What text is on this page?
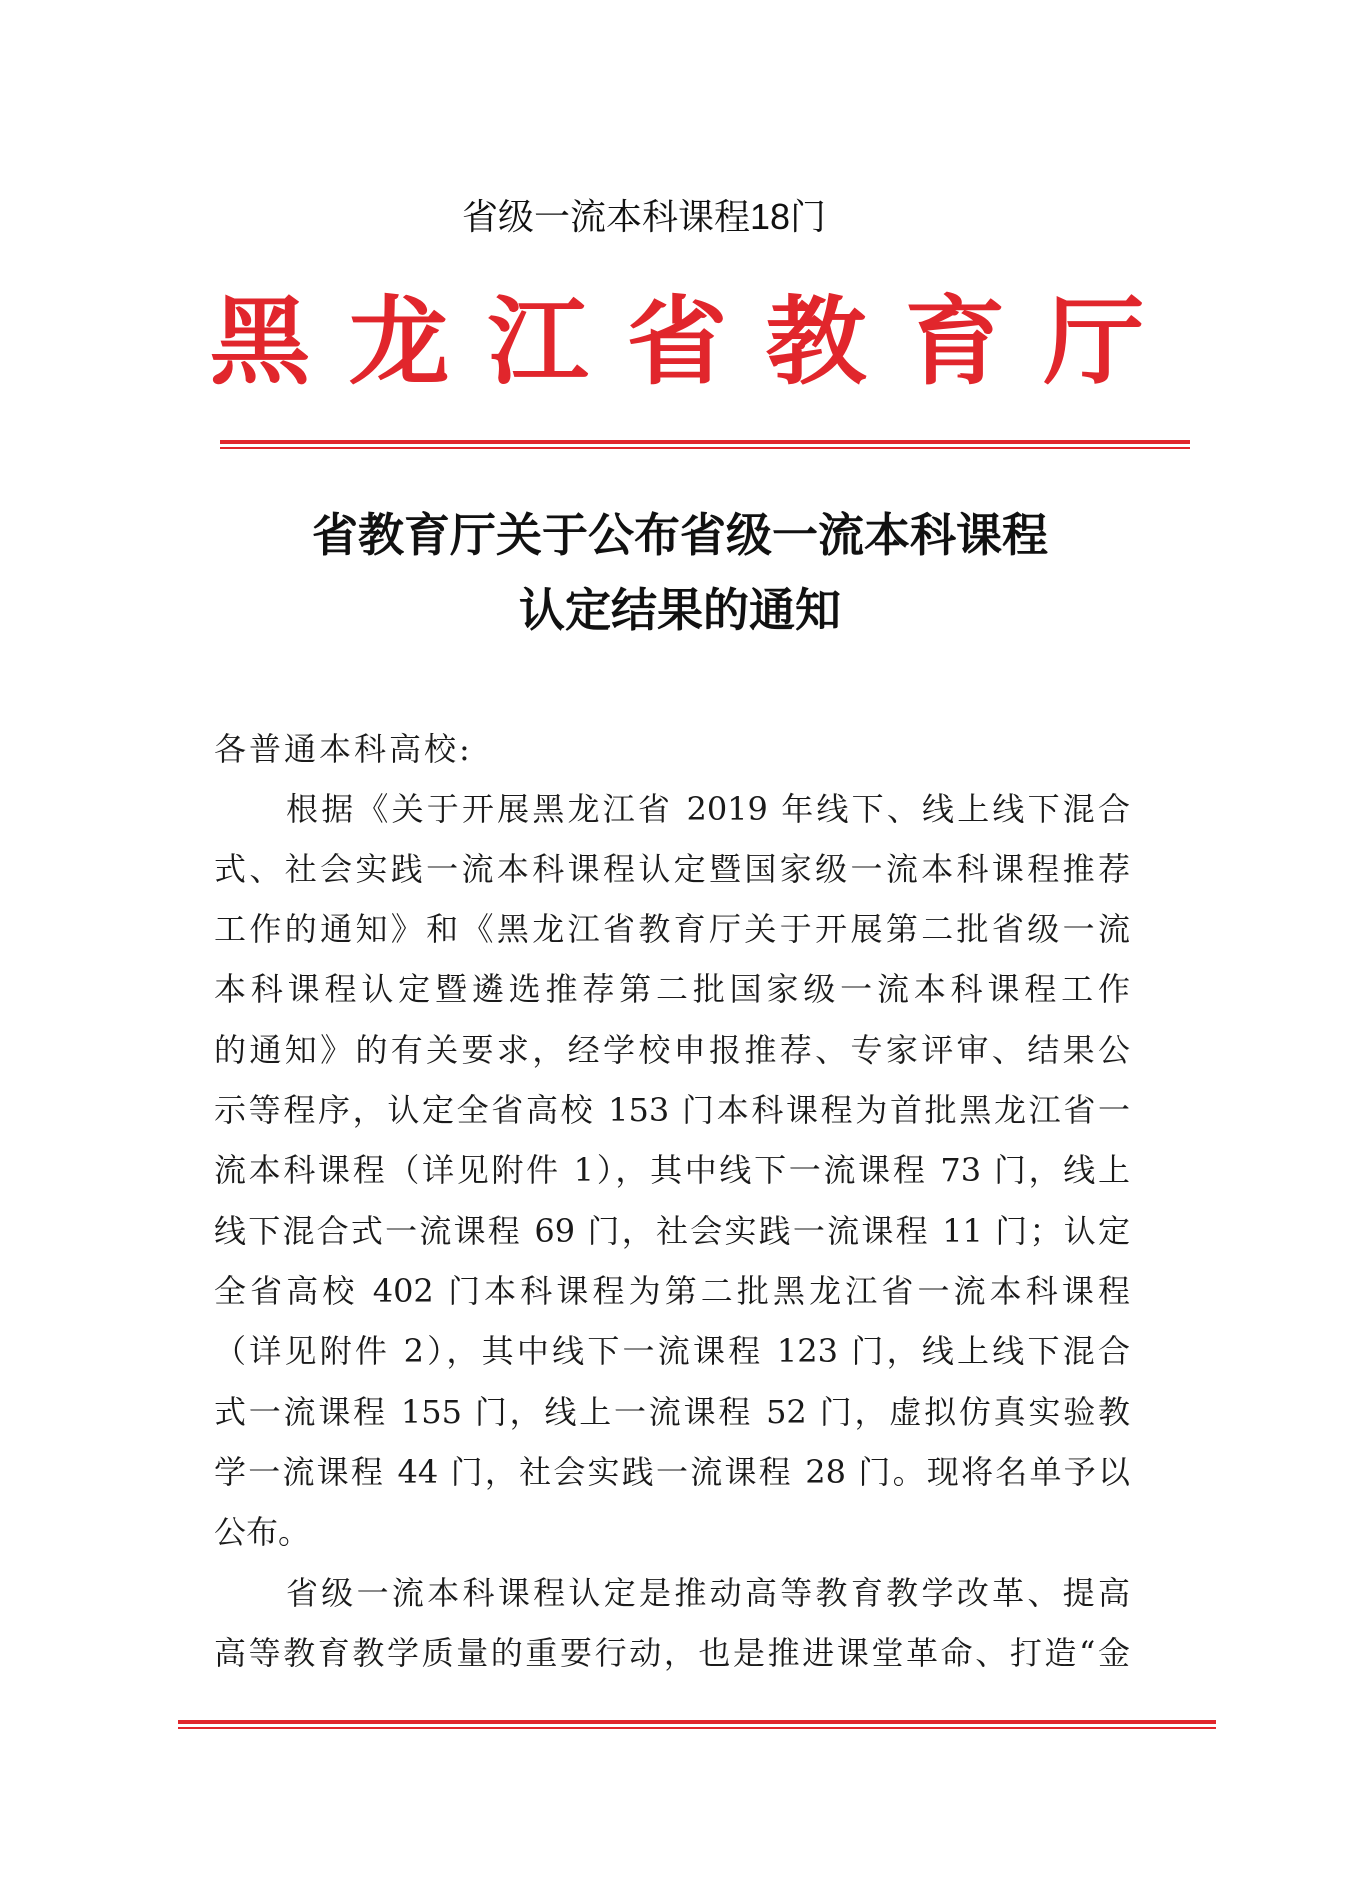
省级一流本科课程18门
黑 龙 江 省 教 育 厅
省教育厅关于公布省级一流本科课程
认定结果的通知
各普通本科高校:
根据《关于开展黑龙江省 2019 年线下、线上线下混合
式、社会实践一流本科课程认定暨国家级一流本科课程推荐
工作的通知》和《黑龙江省教育厅关于开展第二批省级一流
本科课程认定暨遴选推荐第二批国家级一流本科课程工作
的通知》的有关要求，经学校申报推荐、专家评审、结果公
示等程序，认定全省高校 153 门本科课程为首批黑龙江省一
流本科课程（详见附件 1），其中线下一流课程 73 门，线上
线下混合式一流课程 69 门，社会实践一流课程 11 门；认定
全省高校 402 门本科课程为第二批黑龙江省一流本科课程
（详见附件 2），其中线下一流课程 123 门，线上线下混合
式一流课程 155 门，线上一流课程 52 门，虚拟仿真实验教
学一流课程 44 门，社会实践一流课程 28 门。现将名单予以
公布。
省级一流本科课程认定是推动高等教育教学改革、提高
高等教育教学质量的重要行动，也是推进课堂革命、打造“金
